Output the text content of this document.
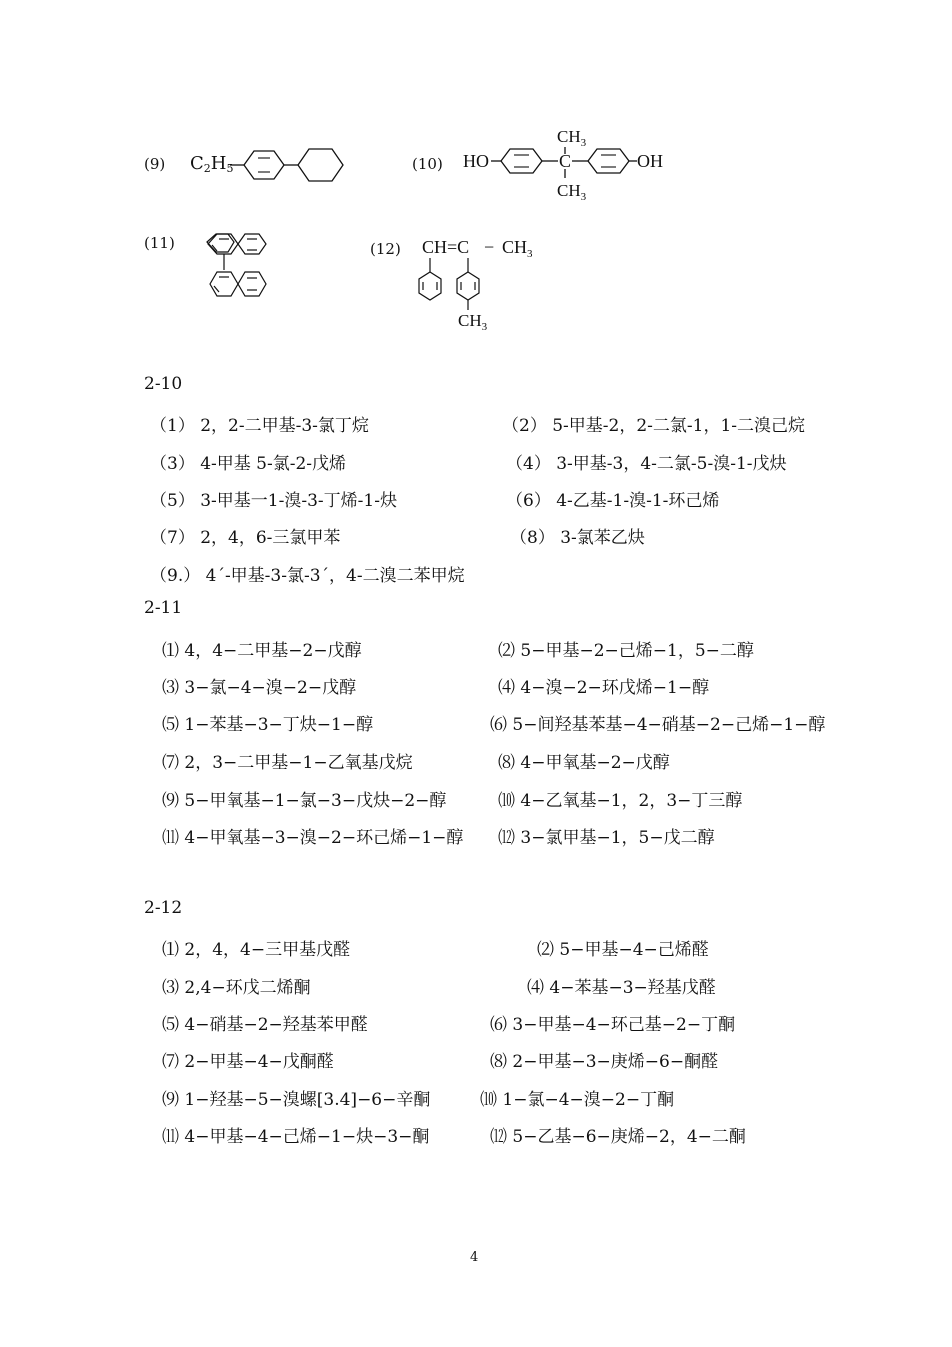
(9) $C_2H_5$	(10) HO	C
$CH_3$
$CH_3$
OH
(11)	(12) $CH=C - CH_3$
$CH_3$
2-10
（1） 2，2-二甲基-3-氯丁烷	（2） 5-甲基-2，2-二氯-1，1-二溴己烷
（3） 4-甲基 5-氯-2-戊烯	（4） 3-甲基-3，4-二氯-5-溴-1-戊炔
（5） 3-甲基一1-溴-3-丁烯-1-炔	（6） 4-乙基-1-溴-1-环己烯
（7） 2，4，6-三氯甲苯	（8） 3-氯苯乙炔
（9.） 4´-甲基-3-氯-3´，4-二溴二苯甲烷
2-11
⑴ 4，4−二甲基−2−戊醇	⑵ 5−甲基−2−己烯−1，5−二醇
⑶ 3−氯−4−溴−2−戊醇	⑷ 4−溴−2−环戊烯−1−醇
⑸ 1−苯基−3−丁炔−1−醇	⑹ 5−间羟基苯基−4−硝基−2−己烯−1−醇
⑺ 2，3−二甲基−1−乙氧基戊烷	⑻ 4−甲氧基−2−戊醇
⑼ 5−甲氧基−1−氯−3−戊炔−2−醇	⑽ 4−乙氧基−1，2，3−丁三醇
⑾ 4−甲氧基−3−溴−2−环己烯−1−醇 ⑿ 3−氯甲基−1，5−戊二醇
2-12
⑴ 2，4，4−三甲基戊醛	⑵ 5−甲基−4−己烯醛
⑶ 2,4−环戊二烯酮	⑷ 4−苯基−3−羟基戊醛
⑸ 4−硝基−2−羟基苯甲醛	⑹ 3−甲基−4−环己基−2−丁酮
⑺ 2−甲基−4−戊酮醛	⑻ 2−甲基−3−庚烯−6−酮醛
⑼ 1−羟基−5−溴螺[3.4]−6−辛酮	⑽ 1−氯−4−溴−2−丁酮
⑾ 4−甲基−4−己烯−1−炔−3−酮	⑿ 5−乙基−6−庚烯−2，4−二酮
4
